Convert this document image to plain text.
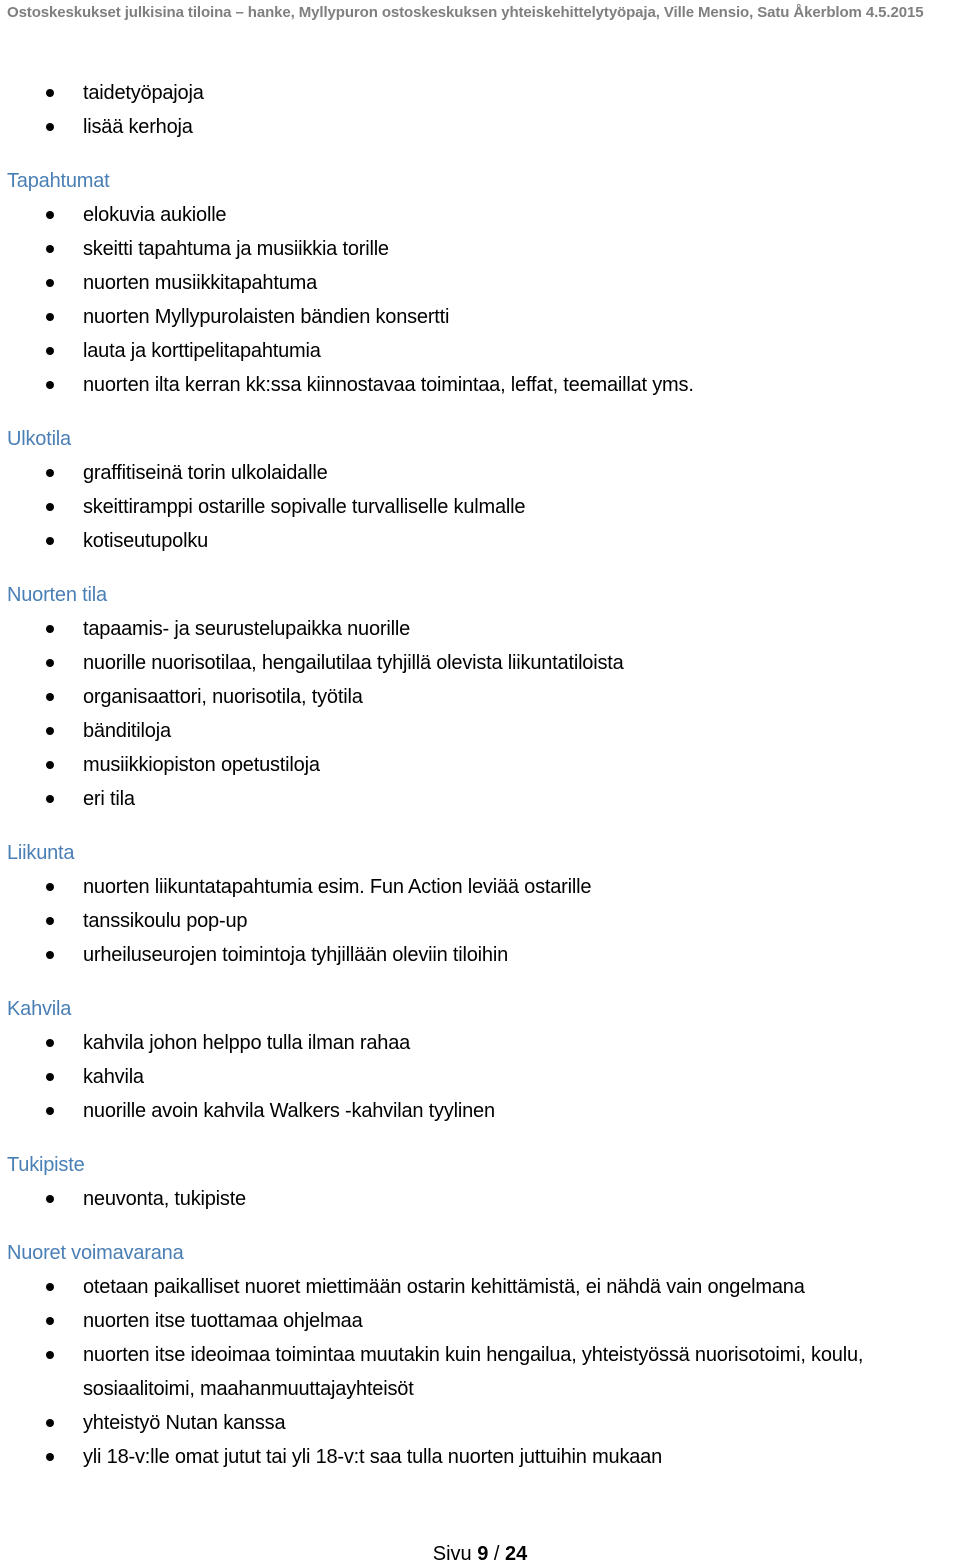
Ostoskeskukset julkisina tiloina – hanke, Myllypuron ostoskeskuksen yhteiskehittelytyöpaja, Ville Mensio, Satu Åkerblom 4.5.2015
taidetyöpajoja
lisää kerhoja
Tapahtumat
elokuvia aukiolle
skeitti tapahtuma ja musiikkia torille
nuorten musiikkitapahtuma
nuorten Myllypurolaisten bändien konsertti
lauta ja korttipelitapahtumia
nuorten ilta kerran kk:ssa kiinnostavaa toimintaa, leffat, teemaillat yms.
Ulkotila
graffitiseinä torin ulkolaidalle
skeittiramppi ostarille sopivalle turvalliselle kulmalle
kotiseutupolku
Nuorten tila
tapaamis- ja seurustelupaikka nuorille
nuorille nuorisotilaa, hengailutilaa tyhjillä olevista liikuntatiloista
organisaattori, nuorisotila, työtila
bänditiloja
musiikkiopiston opetustiloja
eri tila
Liikunta
nuorten liikuntatapahtumia esim. Fun Action leviää ostarille
tanssikoulu pop-up
urheiluseurojen toimintoja tyhjillään oleviin tiloihin
Kahvila
kahvila johon helppo tulla ilman rahaa
kahvila
nuorille avoin kahvila Walkers -kahvilan tyylinen
Tukipiste
neuvonta, tukipiste
Nuoret voimavarana
otetaan paikalliset nuoret miettimään ostarin kehittämistä, ei nähdä vain ongelmana
nuorten itse tuottamaa ohjelmaa
nuorten itse ideoimaa toimintaa muutakin kuin hengailua, yhteistyössä nuorisotoimi, koulu, sosiaalitoimi, maahanmuuttajayhteisöt
yhteistyö Nutan kanssa
yli 18-v:lle omat jutut tai yli 18-v:t saa tulla nuorten juttuihin mukaan
Sivu 9 / 24
